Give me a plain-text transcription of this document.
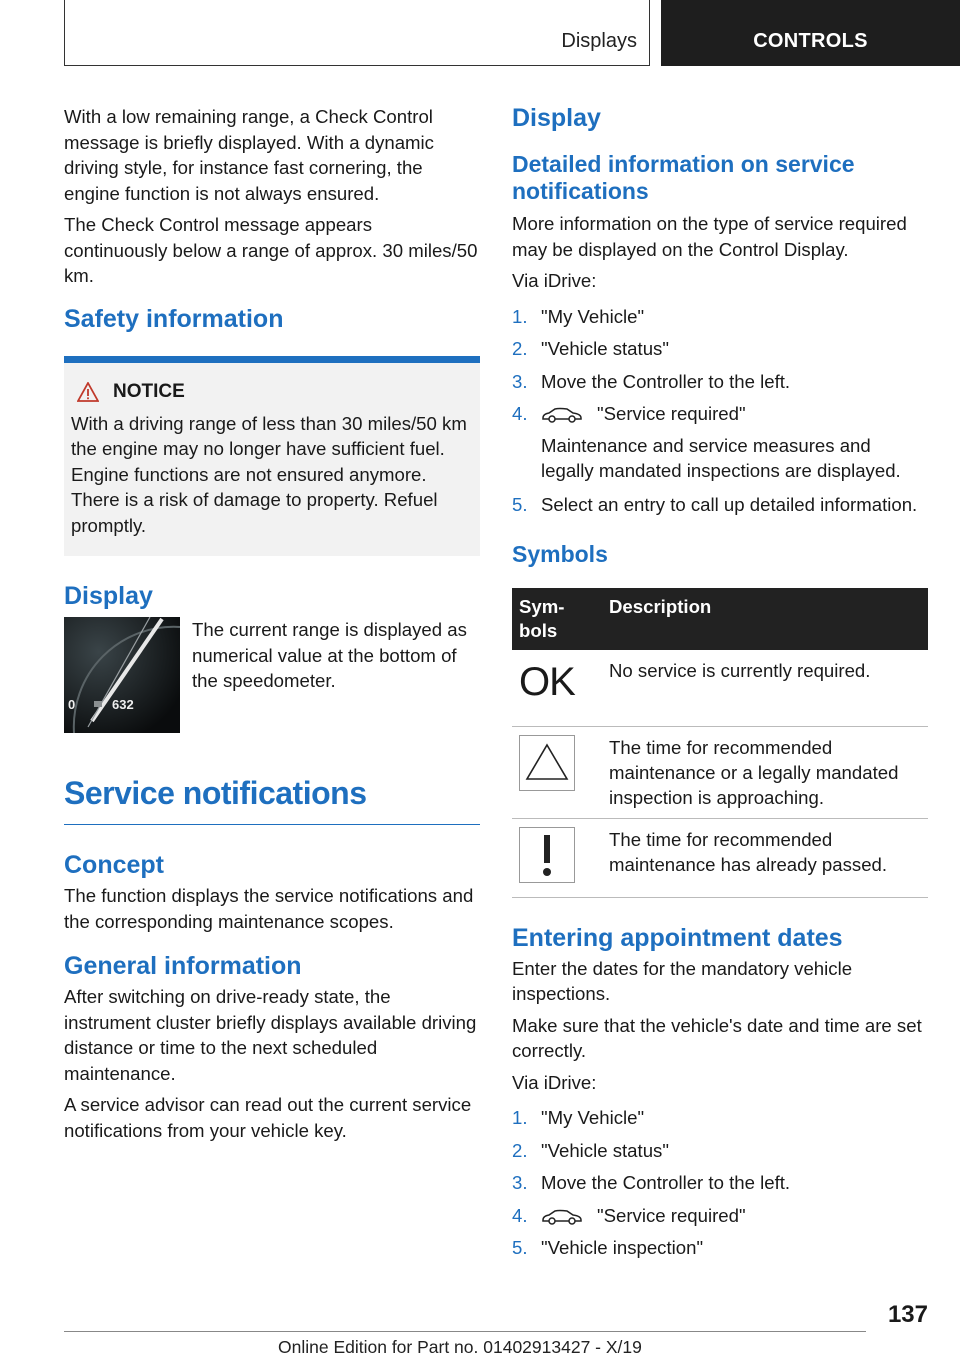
Displays	CONTROLS

With a low remaining range, a Check Control message is briefly displayed. With a dynamic driving style, for instance fast cornering, the engine function is not always ensured.

The Check Control message appears continuously below a range of approx. 30 miles/50 km.

Safety information
NOTICE

With a driving range of less than 30 miles/50 km the engine may no longer have sufficient fuel. Engine functions are not ensured anymore. There is a risk of damage to property. Refuel promptly.

Display
0	632

The current range is displayed as numerical value at the bottom of the speedometer.

Service notifications
Concept

The function displays the service notifications and the corresponding maintenance scopes.

General information

After switching on drive-ready state, the instrument cluster briefly displays available driving distance or time to the next scheduled maintenance.

A service advisor can read out the current service notifications from your vehicle key.

Display
Detailed information on service notifications

More information on the type of service required may be displayed on the Control Display.

Via iDrive:

1. "My Vehicle"
2. "Vehicle status"
3. Move the Controller to the left.
4.	"Service required"

Maintenance and service measures and legally mandated inspections are displayed.

5. Select an entry to call up detailed information.
Symbols
Sym-bols	Description

OK	No service is currently required.
	The time for recommended maintenance or a legally mandated inspection is approaching.
	The time for recommended maintenance has already passed.
Entering appointment dates

Enter the dates for the mandatory vehicle inspections.

Make sure that the vehicle's date and time are set correctly.

Via iDrive:

1. "My Vehicle"
2. "Vehicle status"
3. Move the Controller to the left.
4.	"Service required"
5. "Vehicle inspection"
137
Online Edition for Part no. 01402913427 - X/19
